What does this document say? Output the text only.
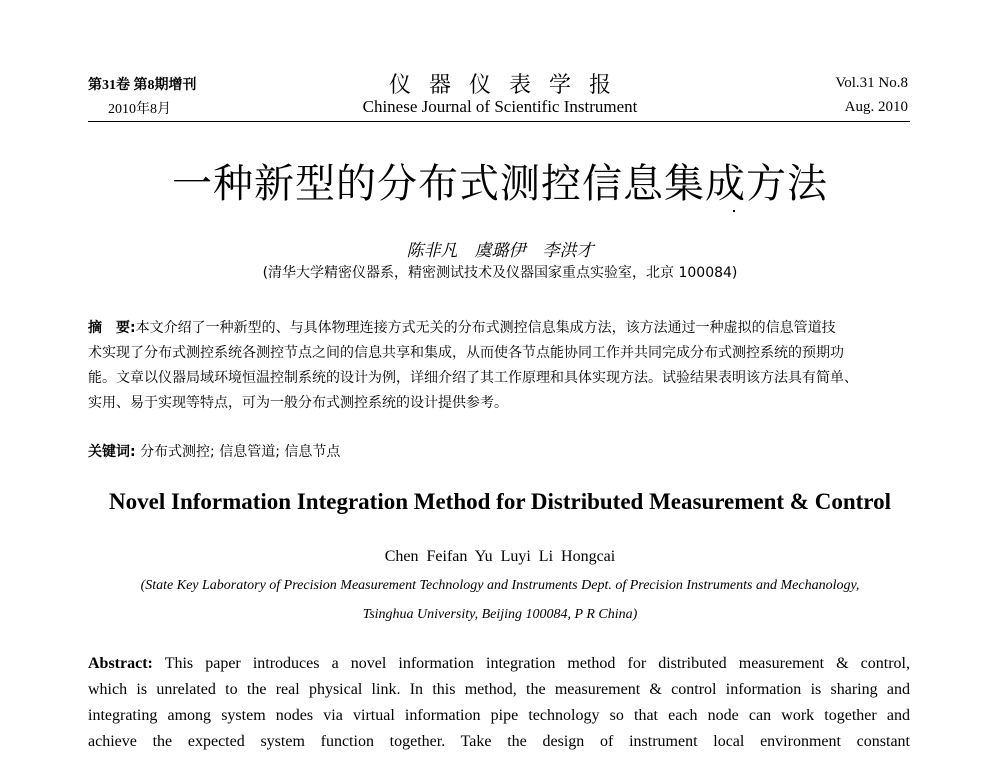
第31卷 第8期增刊
2010年8月
仪器仪表学报
Chinese Journal of Scientific Instrument
Vol.31 No.8
Aug. 2010
一种新型的分布式测控信息集成方法
陈非凡　虞璐伊　李洪才
(清华大学精密仪器系，精密测试技术及仪器国家重点实验室，北京 100084)
摘　要:本文介绍了一种新型的、与具体物理连接方式无关的分布式测控信息集成方法，该方法通过一种虚拟的信息管道技
术实现了分布式测控系统各测控节点之间的信息共享和集成，从而使各节点能协同工作并共同完成分布式测控系统的预期功
能。文章以仪器局域环境恒温控制系统的设计为例，详细介绍了其工作原理和具体实现方法。试验结果表明该方法具有简单、
实用、易于实现等特点，可为一般分布式测控系统的设计提供参考。
关键词: 分布式测控; 信息管道; 信息节点
Novel Information Integration Method for Distributed Measurement & Control
Chen Feifan Yu Luyi Li Hongcai
(State Key Laboratory of Precision Measurement Technology and Instruments Dept. of Precision Instruments and Mechanology,
Tsinghua University, Beijing 100084, P R China)
Abstract: This paper introduces a novel information integration method for distributed measurement & control,
which is unrelated to the real physical link. In this method, the measurement & control information is sharing and
integrating among system nodes via virtual information pipe technology so that each node can work together and
achieve the expected system function together. Take the design of instrument local environment constant
